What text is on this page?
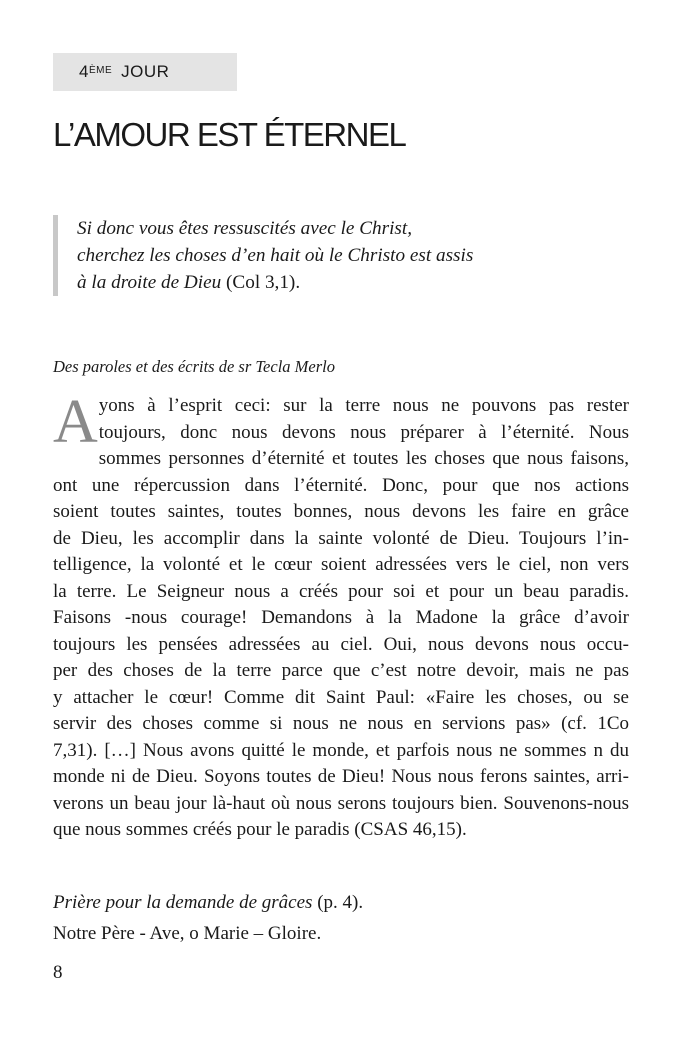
4ÈME JOUR
L’AMOUR EST ÉTERNEL
Si donc vous êtes ressuscités avec le Christ,
cherchez les choses d’en hait où le Christo est assis
à la droite de Dieu (Col 3,1).
Des paroles et des écrits de sr Tecla Merlo
A yons à l’esprit ceci: sur la terre nous ne pouvons pas rester
toujours, donc nous devons nous préparer à l’éternité. Nous
sommes personnes d’éternité et toutes les choses que nous faisons,
ont une répercussion dans l’éternité. Donc, pour que nos actions
soient toutes saintes, toutes bonnes, nous devons les faire en grâce
de Dieu, les accomplir dans la sainte volonté de Dieu. Toujours l’in-
telligence, la volonté et le cœur soient adressées vers le ciel, non vers
la terre. Le Seigneur nous a créés pour soi et pour un beau paradis.
Faisons -nous courage! Demandons à la Madone la grâce d’avoir
toujours les pensées adressées au ciel. Oui, nous devons nous occu-
per des choses de la terre parce que c’est notre devoir, mais ne pas
y attacher le cœur! Comme dit Saint Paul: «Faire les choses, ou se
servir des choses comme si nous ne nous en servions pas» (cf. 1Co
7,31). […] Nous avons quitté le monde, et parfois nous ne sommes n du
monde ni de Dieu. Soyons toutes de Dieu! Nous nous ferons saintes, arri-
verons un beau jour là-haut où nous serons toujours bien. Souvenons-nous
que nous sommes créés pour le paradis (CSAS 46,15).
Prière pour la demande de grâces (p. 4).
Notre Père - Ave, o Marie – Gloire.
8
